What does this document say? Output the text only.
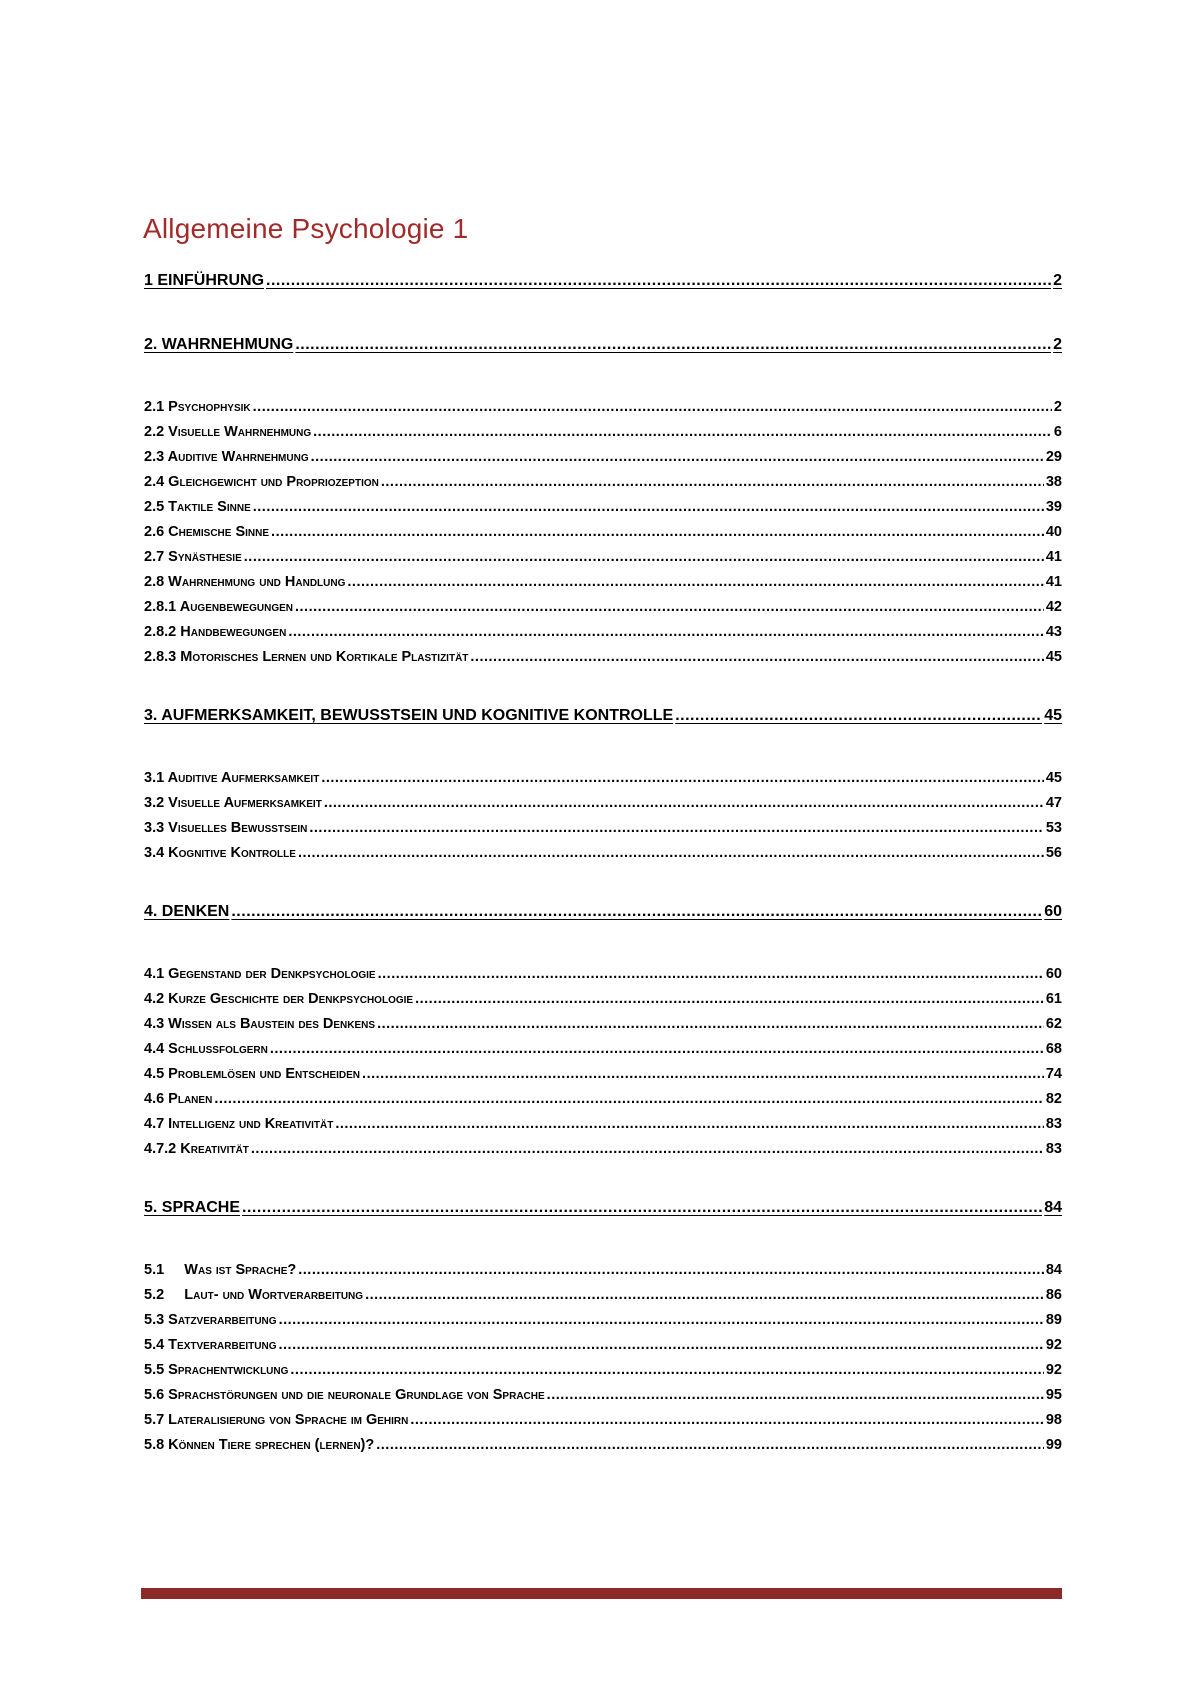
Allgemeine Psychologie 1
1 EINFÜHRUNG .....	2
2. WAHRNEHMUNG .....	2
2.1 Psychophysik .....	2
2.2 Visuelle Wahrnehmung .....	6
2.3 Auditive Wahrnehmung .....	29
2.4 Gleichgewicht und Propriozeption .....	38
2.5 Taktile Sinne .....	39
2.6 Chemische Sinne .....	40
2.7 Synästhesie .....	41
2.8 Wahrnehmung und Handlung .....	41
2.8.1 Augenbewegungen .....	42
2.8.2 Handbewegungen .....	43
2.8.3 Motorisches Lernen und Kortikale Plastizität .....	45
3. AUFMERKSAMKEIT, BEWUSSTSEIN UND KOGNITIVE KONTROLLE .....	45
3.1 Auditive Aufmerksamkeit .....	45
3.2 Visuelle Aufmerksamkeit .....	47
3.3 Visuelles Bewusstsein .....	53
3.4 Kognitive Kontrolle .....	56
4. DENKEN .....	60
4.1 Gegenstand der Denkpsychologie .....	60
4.2 Kurze Geschichte der Denkpsychologie .....	61
4.3 Wissen als Baustein des Denkens .....	62
4.4 Schlussfolgern .....	68
4.5 Problemlösen und Entscheiden .....	74
4.6 Planen .....	82
4.7 Intelligenz und Kreativität .....	83
4.7.2 Kreativität .....	83
5. SPRACHE .....	84
5.1     Was ist Sprache? .....	84
5.2     Laut- und Wortverarbeitung .....	86
5.3 Satzverarbeitung .....	89
5.4 Textverarbeitung .....	92
5.5 Sprachentwicklung .....	92
5.6 Sprachstörungen und die neuronale Grundlage von Sprache .....	95
5.7 Lateralisierung von Sprache im Gehirn .....	98
5.8 Können Tiere sprechen (lernen)? .....	99
